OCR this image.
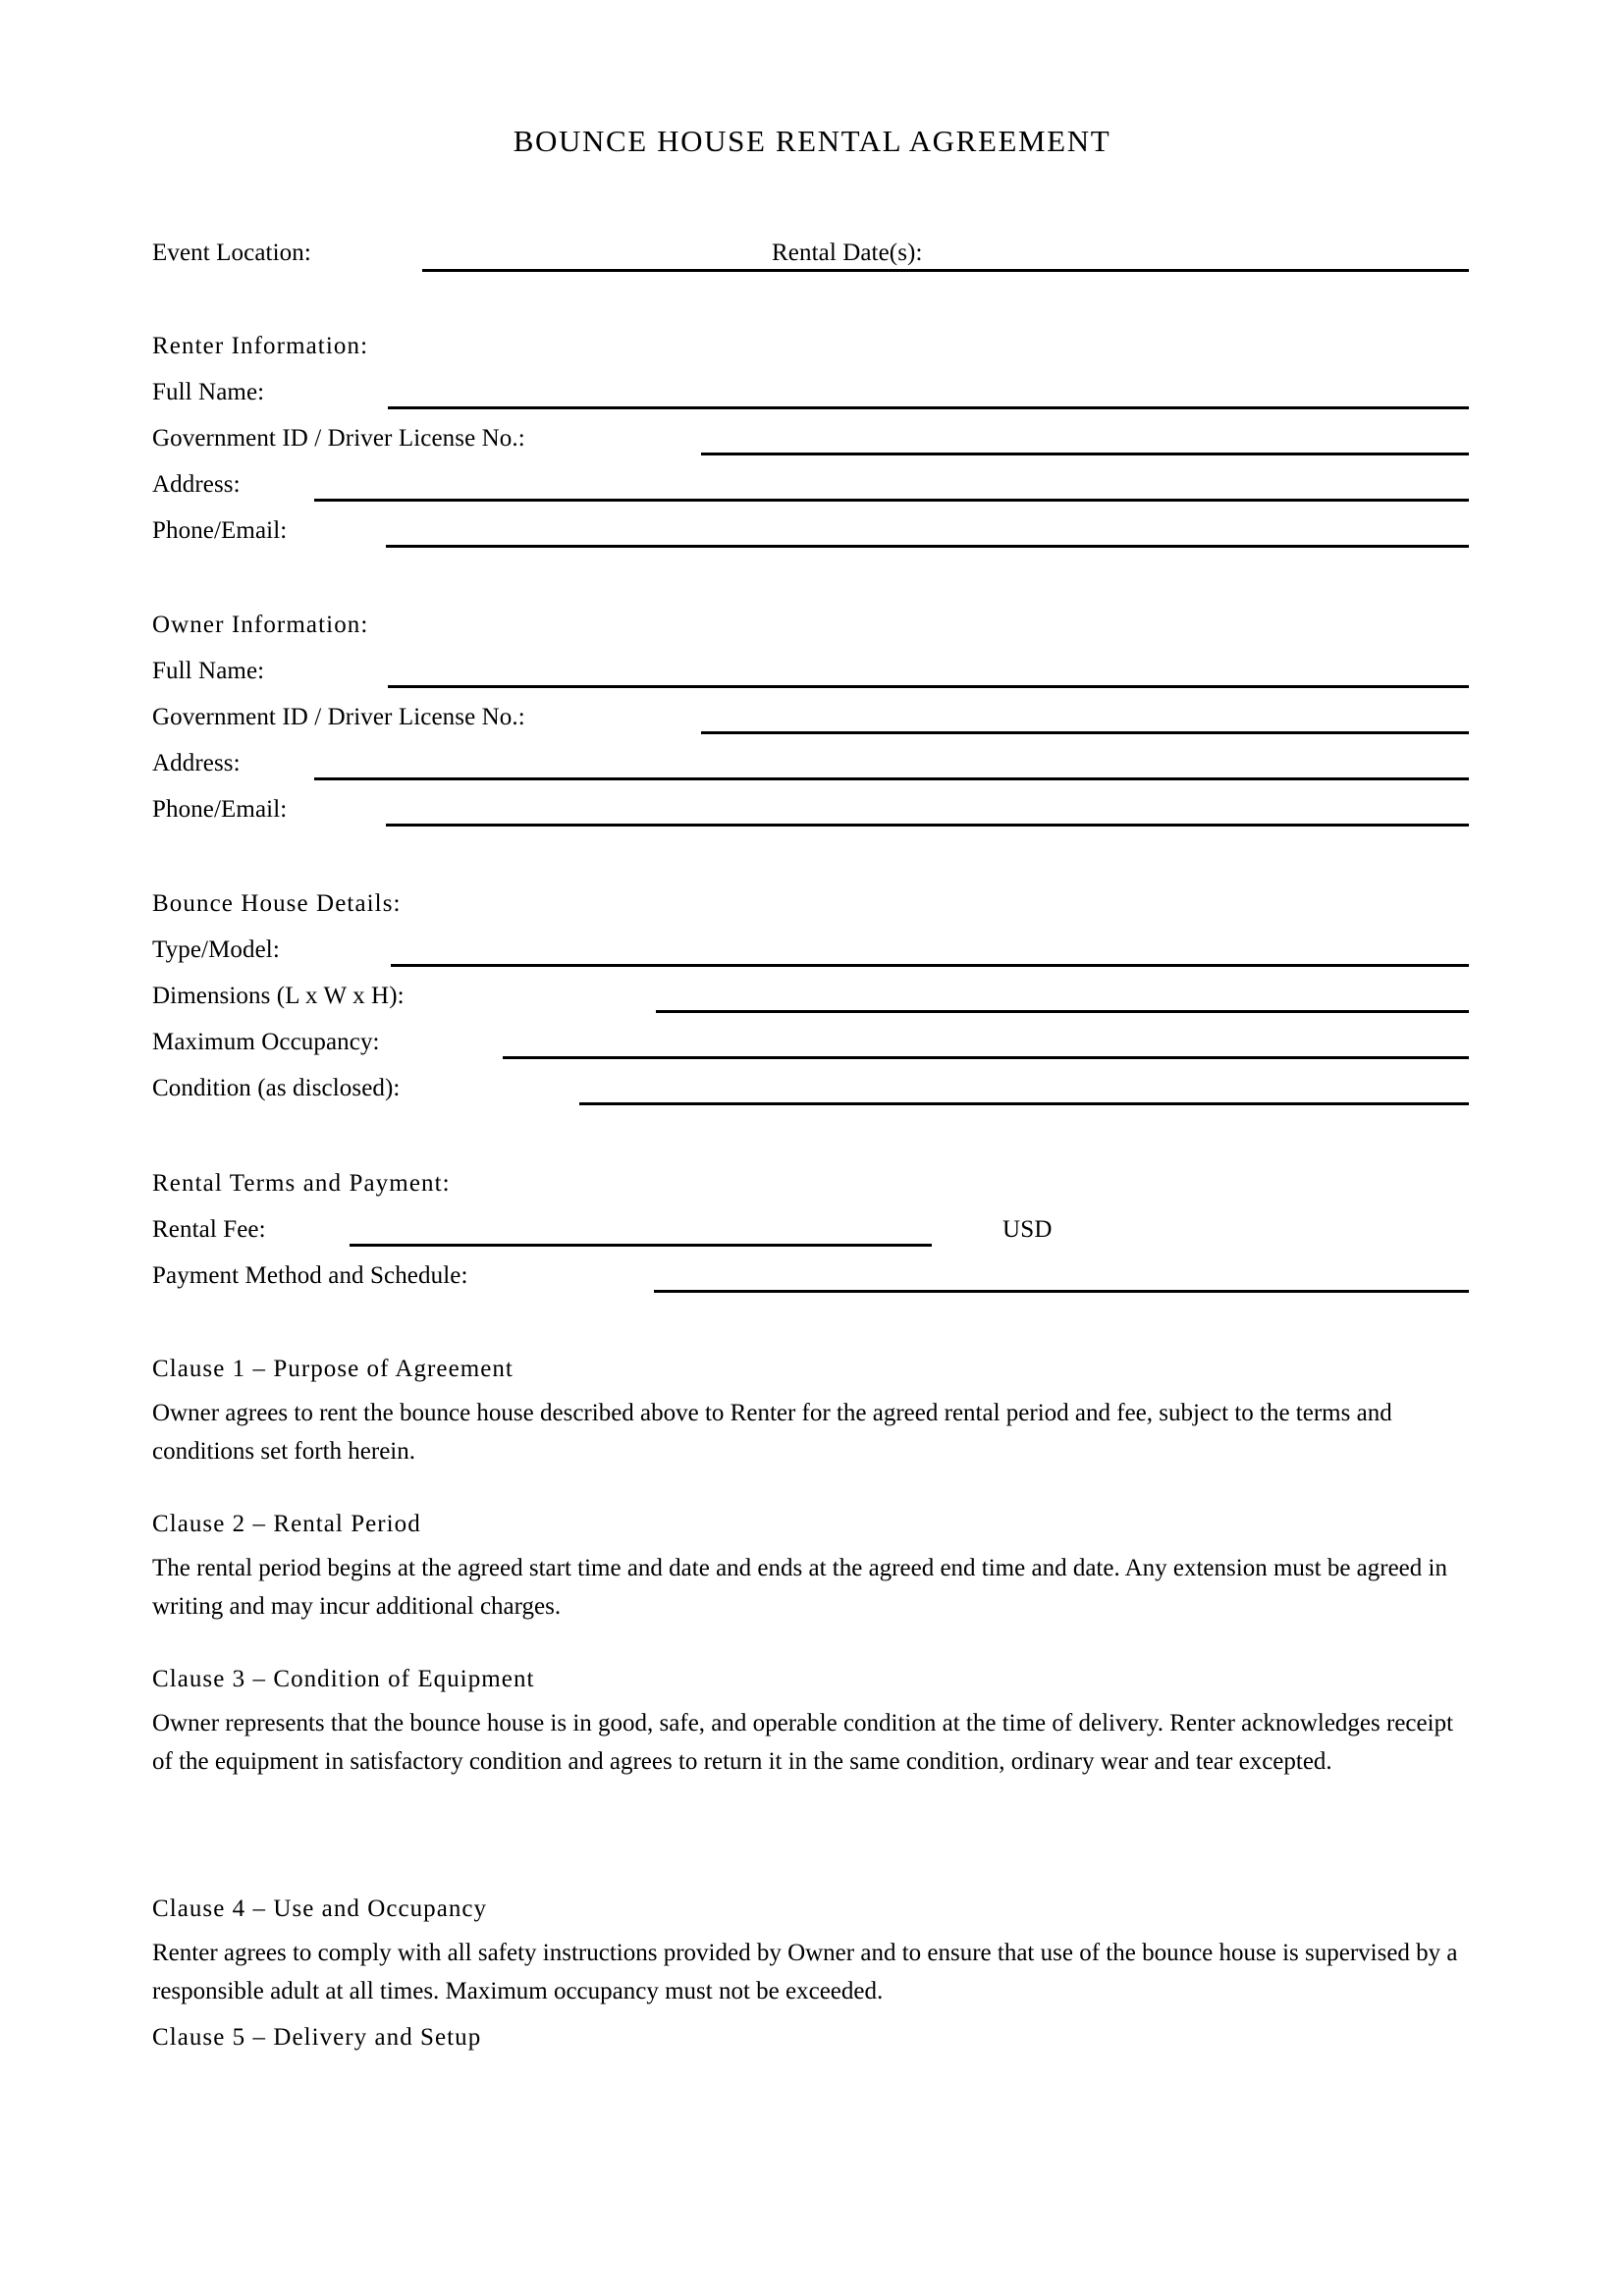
BOUNCE HOUSE RENTAL AGREEMENT
Event Location:	Rental Date(s):
Renter Information:
Full Name:
Government ID / Driver License No.:
Address:
Phone/Email:
Owner Information:
Full Name:
Government ID / Driver License No.:
Address:
Phone/Email:
Bounce House Details:
Type/Model:
Dimensions (L x W x H):
Maximum Occupancy:
Condition (as disclosed):
Rental Terms and Payment:
Rental Fee:	USD
Payment Method and Schedule:
Clause 1 – Purpose of Agreement
Owner agrees to rent the bounce house described above to Renter for the agreed rental period and fee, subject to the terms and conditions set forth herein.
Clause 2 – Rental Period
The rental period begins at the agreed start time and date and ends at the agreed end time and date. Any extension must be agreed in writing and may incur additional charges.
Clause 3 – Condition of Equipment
Owner represents that the bounce house is in good, safe, and operable condition at the time of delivery. Renter acknowledges receipt of the equipment in satisfactory condition and agrees to return it in the same condition, ordinary wear and tear excepted.
Clause 4 – Use and Occupancy
Renter agrees to comply with all safety instructions provided by Owner and to ensure that use of the bounce house is supervised by a responsible adult at all times. Maximum occupancy must not be exceeded.
Clause 5 – Delivery and Setup
